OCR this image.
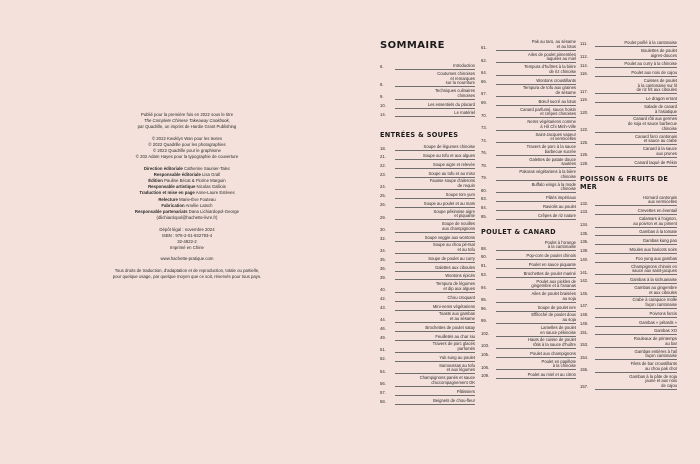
Publié pour la première fois en 2022 sous le titre
The Complete Chinese Takeaway Cookbook,
par Quadrille, un imprint de Hardie Grant Publishing

© 2022 Kwoklyn Wan pour les textes
© 2022 Quadrille pour les photographies
© 2022 Quadrille pour le graphisme
© 202 Adam Hayes pour la typographie de couverture

Direction éditoriale Catherine Saunier-Talec
Responsable éditoriale Lisa Grall
Édition Pauline Bécat & Florine Marguin
Responsable artistique Nicolas Galliois
Traduction et mise en page Anne-Laure Estèves
Relecture Marie-Ève Fouteau
Fabrication Amélie Latsch
Responsable partenariats Dana Lichiardopol-George
(dlichiardopol@hachette-livre.fr)

Dépôt légal : novembre 2024
ISBN : 978-2-01-932793-4
32-4822-2
Imprimé en Chine

www.hachette-pratique.com

Tous droits de traduction, d'adaptation et de reproduction, totale ou partielle, pour quelque usage, par quelque moyen que ce soit, réservés pour tous pays.

SOMMAIRE
6.	Introduction
8.
Coutumes chinoises
et remarques
sur la nourriture
9.
Techniques culinaires
chinoises
10.	Les essentiels du placard
14.	Le matériel
ENTRÉES & SOUPES
18.	Soupe de légumes chinoise
21.	Soupe au tofu et aux algues
22.	Soupe aigre et relevée
23.	Soupe au tofu et au miso
24.
Fausse soupe d'ailerons
de requin
25.	Soupe tom yum
26.	Soupe au poulet et au maïs
29.
Soupe pékinoise aigre
et piquante
30.
Soupe de nouilles
aux champignons
32.	Soupe veggie aux wontons
34.
Soupe au chou pé-tsaï
et au tofu
35.	Soupe de poulet au curry
36.	Galettes aux ciboules
39.	Wontons épicés
40.
Tempura de légumes
et dip aux algues
42.	Chou croquant
43.	Mini-nems végétariens
44.
Toasts aux gambas
et au sésame
46.	Brochettes de poulet satay
49.	Feuilletés au char siu
51.
Travers de porc glacés
parfumés
52.	Yuk sung au poulet
54.
Samoussas au tofu
et aux légumes
56.
Champignons panés et sauce
d'accompagnement OK
57.	Pâtissiers
58.	Beignets de chou-fleur
61.
Pak au taro, au sésame
et au lotus
62.
Ailes de poulet pimentées
laquées au miel
64.
Tempura d'huîtres à la bière
de riz chinoise
66.	Wontons croustillants
67.
Tempura de tofu aux graines
de sésame
69.	Bœuf sucré au lotus
70.
Canard parfumé, sauce hoisin
et crêpes chinoises
73.
Nems végétariens comme
à Hô Chi Minh-Ville
74.
Saint-Jacques vapeur
et vermicelles
76.
Travers de porc à la sauce
barbecue sucrée
78.
Galettes de patate douce
sautées
79.
Pakoras végétariens à la bière
chinoise
80.
Buffalo wings à la mode
chinoise
83.	Pâtés impériaux
84.	Raviolis au poulet
85.	Crêpes de riz nature
POULET & CANARD
88.
Poulet à l'orange
à la cantonaise
90.	Pop-corn de poulet chinois
91.	Poulet en sauce piquante
93.	Brochettes de poulet mariné
94.
Poulet aux pickles de
gingembre et à l'ananas
95.
Ailes de poulet braisées
au soja
96.	Soupe de poulet ivre
99.
Effiloché de poulet doux
au soja
102.
Lamelles de poulet
en sauce pékinoise
103.
Hauts de cuisse de poulet
rôtis à la sauce d'huître
105.	Poulet aux champignons
106.
Poulet en papillote
à la chinoise
109.	Poulet au miel et au citron
111.	Poulet poêlé à la cantonaise
112.
Boulettes de poulet
aigres-douces
114.	Poulet au curry à la chinoise
116.	Poulet aux noix de cajou
117.
Cuisses de poulet
à la cantonaise sur lit
de riz frit aux ciboules
119.	Le dragon errant
120.
Salade de canard
à l'asiatique
122.
Canard rôti aux germes
de soja et sauce barbecue
chinoise
125.
Canard farci cantonais
et sauce au crabe
126.
Canard à la sauce
aux prunes
128.	Canard laqué de Pékin
POISSON & FRUITS DE MER
132.
Homard cantonais
aux vermicelles
133.	Crevettes en éventail
134.
Calamars à l'oignon,
au poivron et au piment
135.	Gambas à la tomate
136.	Gambas kung pao
139.	Moules aux haricots noirs
140.	Foo yung aux gambas
141.
Champignons chinois en
sauce aux saint-jacques
142.	Gambas à la sichuanaise
145.
Gambas au gingembre
et aux ciboules
147.
Crabe à carapace molle
façon cantonaise
148.	Poivrons farcis
149.	Gambas « pétards »
151.	Gambas XO
153.
Rouleaux de printemps
au bar
154.
Gambas entières à l'ail
façon cantonaise
155.
Filets de bar croustillants
au chou pak choï
157.
Gambas à la pâte de soja
jaune et aux noix
de cajou
